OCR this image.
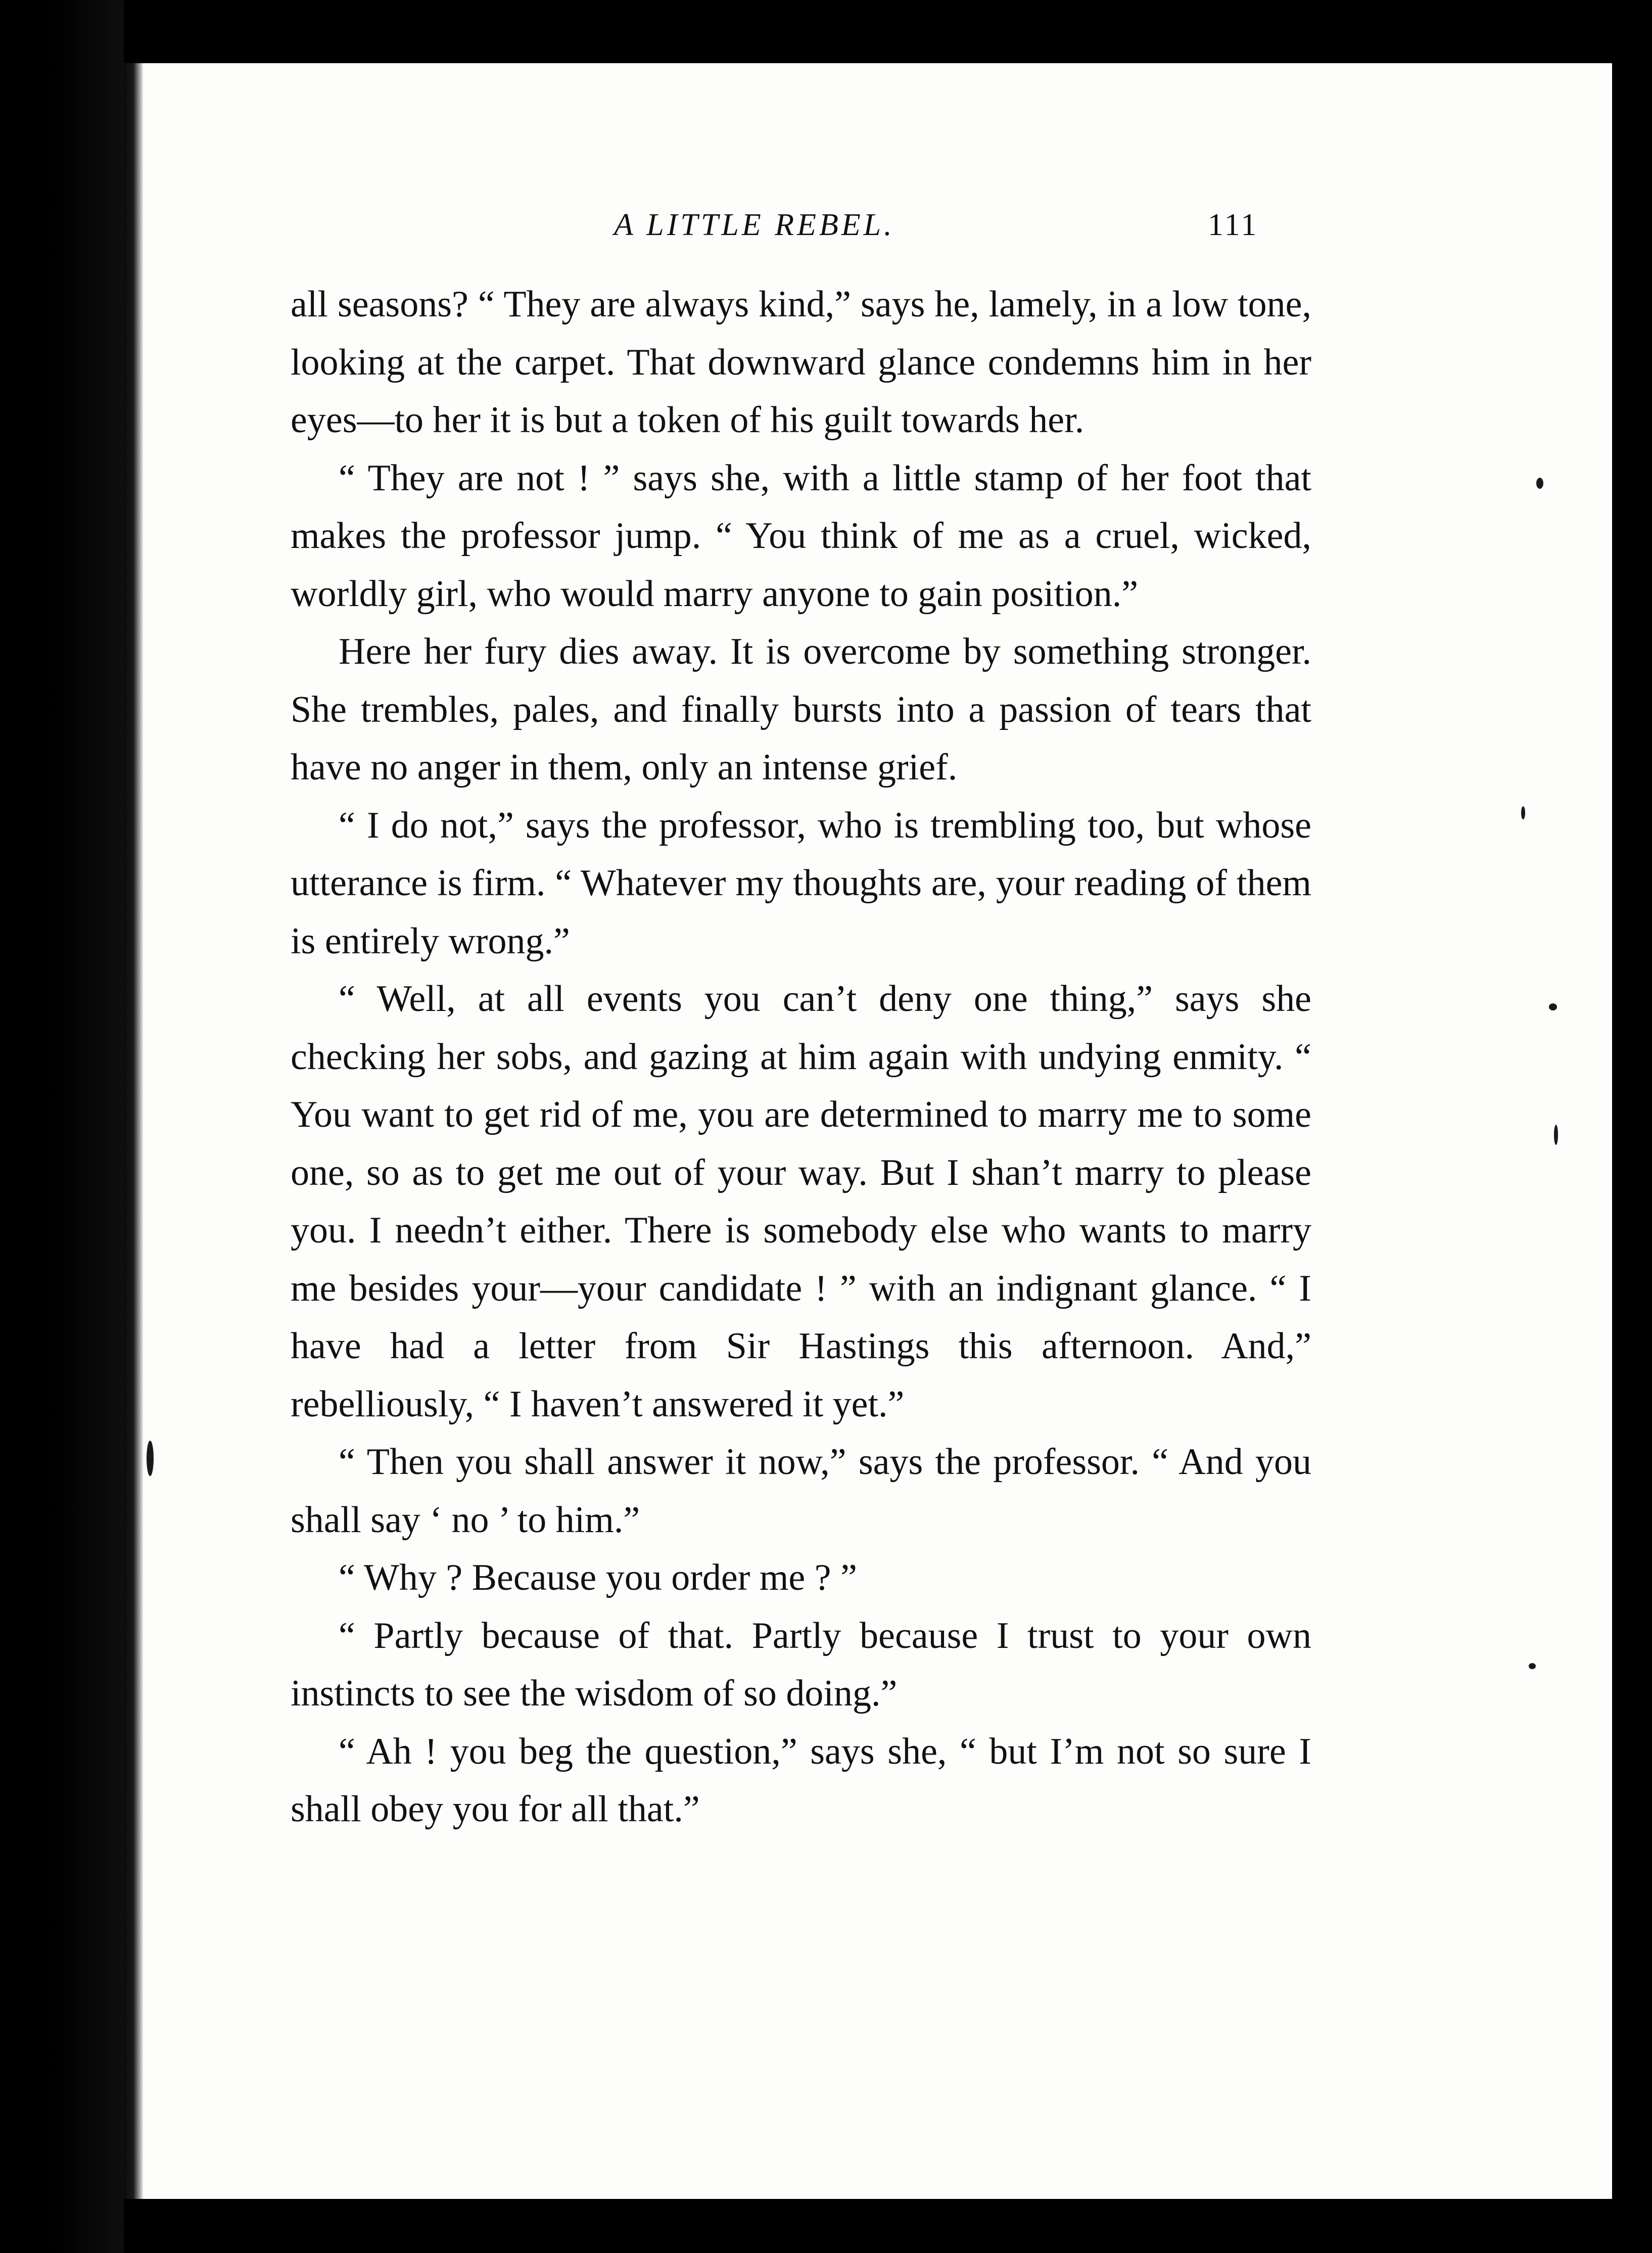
A LITTLE REBEL.	111

all seasons? “ They are always kind,” says he, lamely, in a low tone, looking at the carpet. That downward glance condemns him in her eyes—to her it is but a token of his guilt towards her.

“ They are not ! ” says she, with a little stamp of her foot that makes the professor jump. “ You think of me as a cruel, wicked, worldly girl, who would marry anyone to gain position.”

Here her fury dies away. It is overcome by something stronger. She trembles, pales, and finally bursts into a passion of tears that have no anger in them, only an intense grief.

“ I do not,” says the professor, who is trembling too, but whose utterance is firm. “ Whatever my thoughts are, your reading of them is entirely wrong.”

“ Well, at all events you can’t deny one thing,” says she checking her sobs, and gazing at him again with undying enmity. “ You want to get rid of me, you are determined to marry me to some one, so as to get me out of your way. But I shan’t marry to please you. I needn’t either. There is somebody else who wants to marry me besides your—your candidate ! ” with an indignant glance. “ I have had a letter from Sir Hastings this afternoon. And,” rebelliously, “ I haven’t answered it yet.”

“ Then you shall answer it now,” says the professor. “ And you shall say ‘ no ’ to him.”

“ Why ? Because you order me ? ”

“ Partly because of that. Partly because I trust to your own instincts to see the wisdom of so doing.”

“ Ah ! you beg the question,” says she, “ but I’m not so sure I shall obey you for all that.”
